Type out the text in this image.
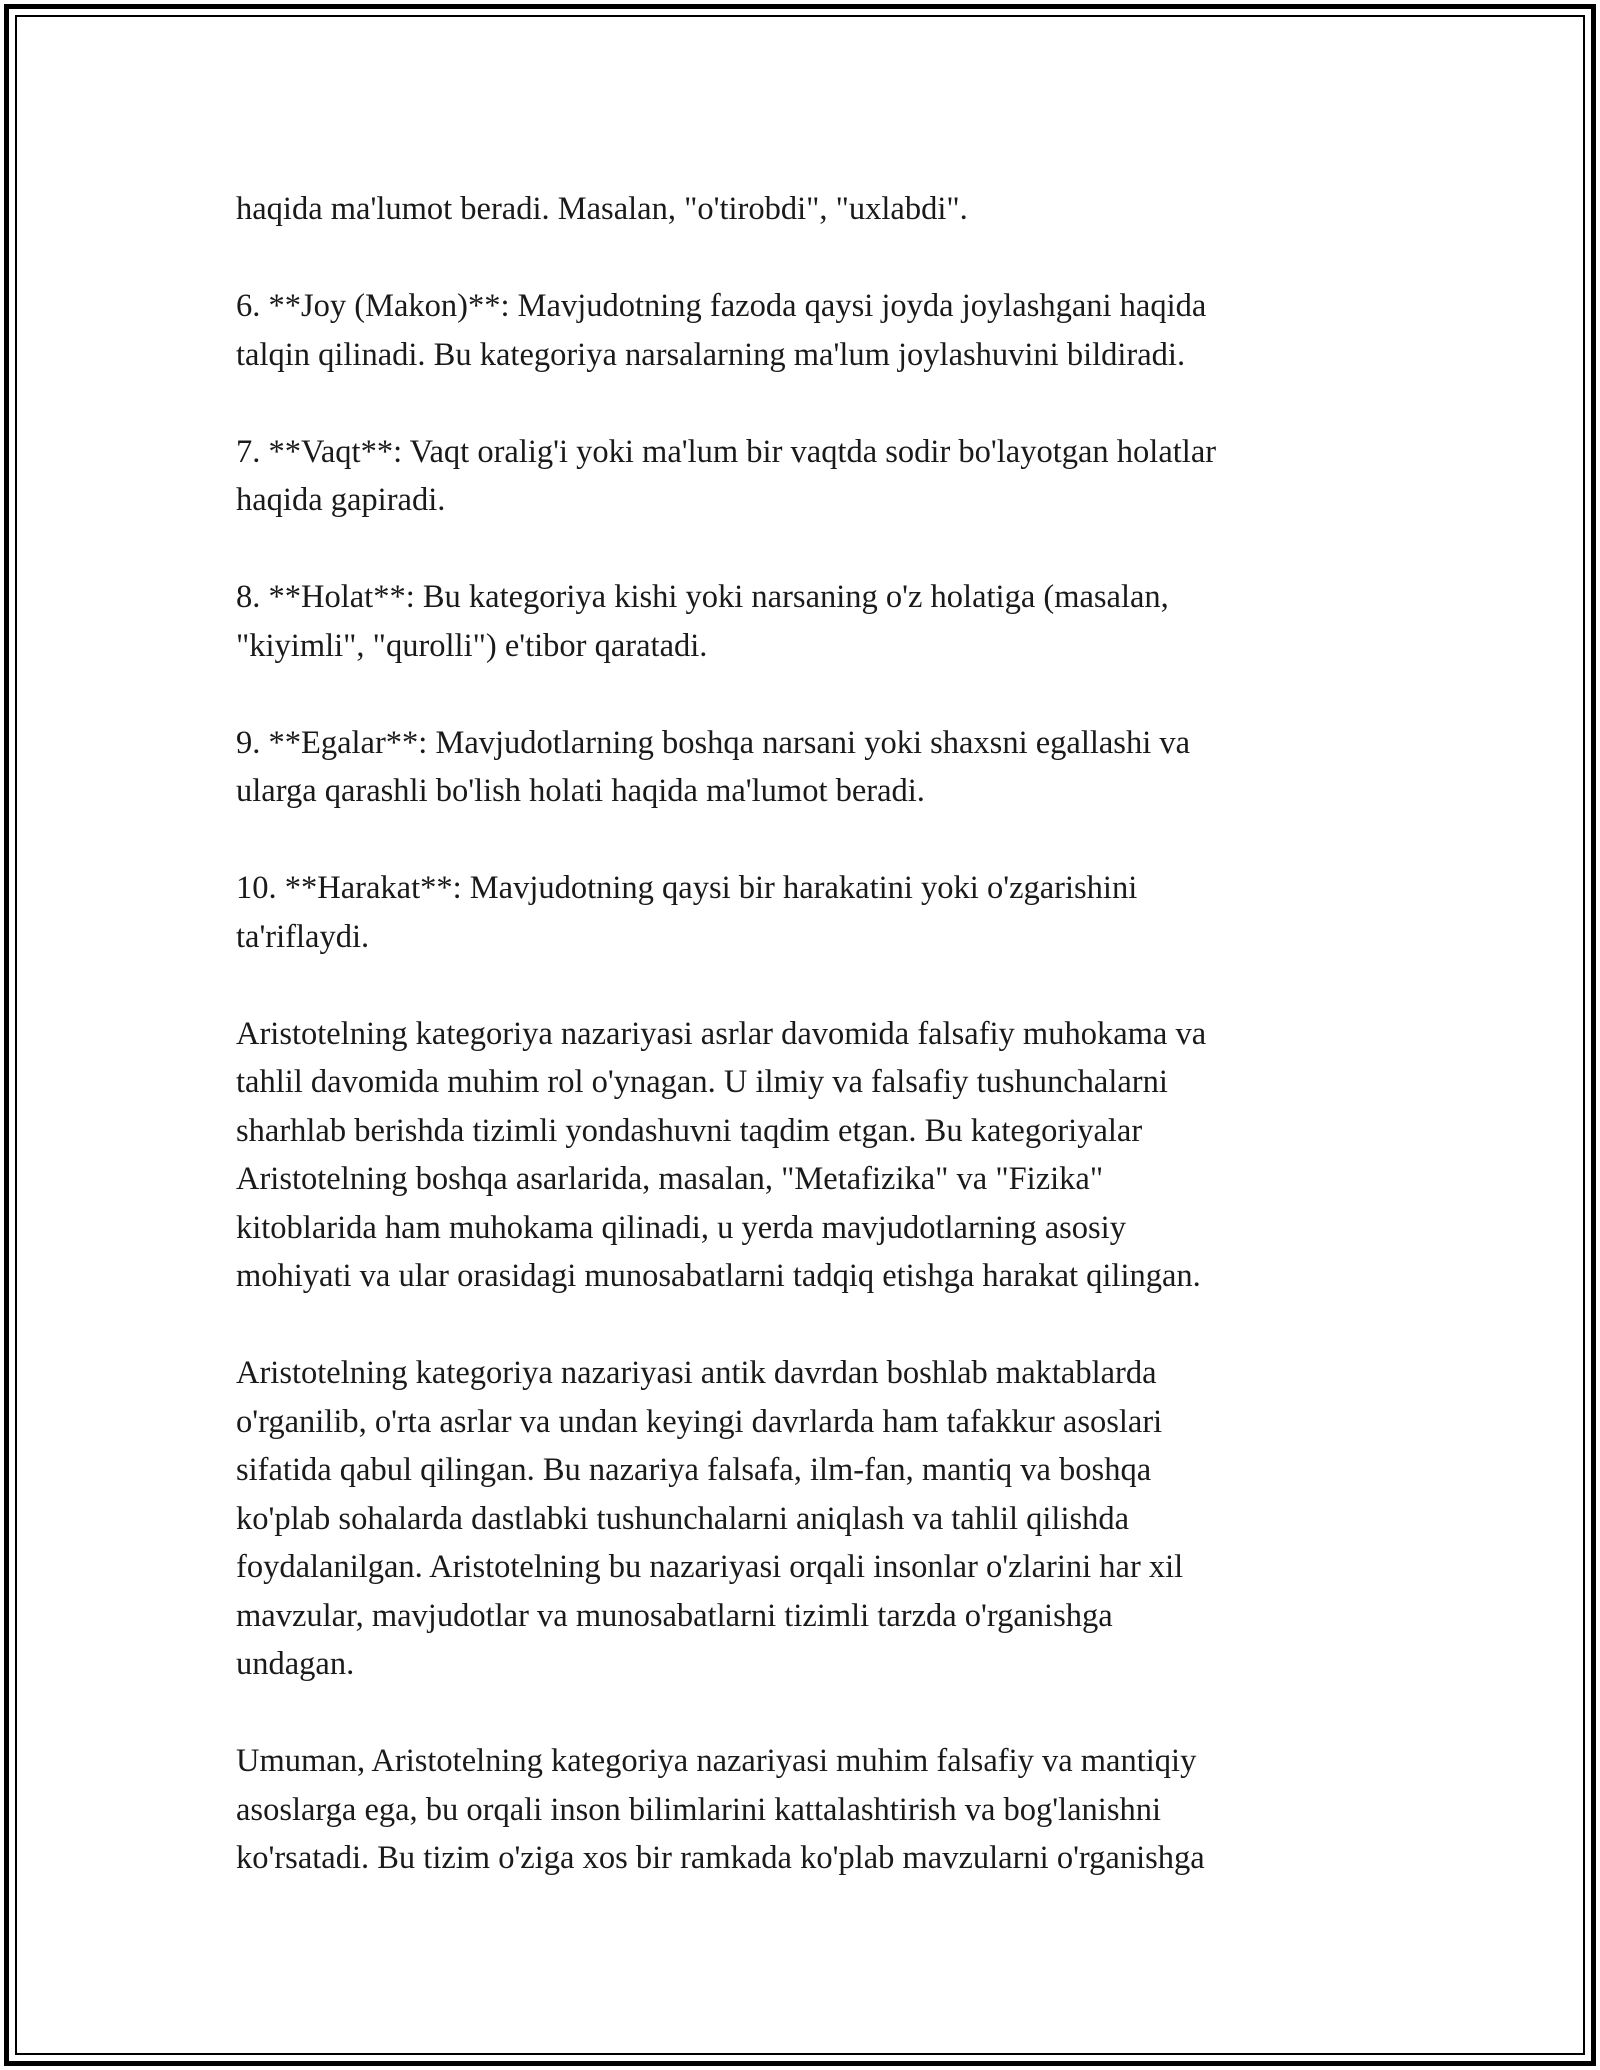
haqida ma'lumot beradi. Masalan, "o'tirobdi", "uxlabdi".

6. **Joy (Makon)**: Mavjudotning fazoda qaysi joyda joylashgani haqida
talqin qilinadi. Bu kategoriya narsalarning ma'lum joylashuvini bildiradi.

7. **Vaqt**: Vaqt oralig'i yoki ma'lum bir vaqtda sodir bo'layotgan holatlar
haqida gapiradi.

8. **Holat**: Bu kategoriya kishi yoki narsaning o'z holatiga (masalan,
"kiyimli", "qurolli") e'tibor qaratadi.

9. **Egalar**: Mavjudotlarning boshqa narsani yoki shaxsni egallashi va
ularga qarashli bo'lish holati haqida ma'lumot beradi.

10. **Harakat**: Mavjudotning qaysi bir harakatini yoki o'zgarishini
ta'riflaydi.

Aristotelning kategoriya nazariyasi asrlar davomida falsafiy muhokama va
tahlil davomida muhim rol o'ynagan. U ilmiy va falsafiy tushunchalarni
sharhlab berishda tizimli yondashuvni taqdim etgan. Bu kategoriyalar
Aristotelning boshqa asarlarida, masalan, "Metafizika" va "Fizika"
kitoblarida ham muhokama qilinadi, u yerda mavjudotlarning asosiy
mohiyati va ular orasidagi munosabatlarni tadqiq etishga harakat qilingan.

Aristotelning kategoriya nazariyasi antik davrdan boshlab maktablarda
o'rganilib, o'rta asrlar va undan keyingi davrlarda ham tafakkur asoslari
sifatida qabul qilingan. Bu nazariya falsafa, ilm-fan, mantiq va boshqa
ko'plab sohalarda dastlabki tushunchalarni aniqlash va tahlil qilishda
foydalanilgan. Aristotelning bu nazariyasi orqali insonlar o'zlarini har xil
mavzular, mavjudotlar va munosabatlarni tizimli tarzda o'rganishga
undagan.

Umuman, Aristotelning kategoriya nazariyasi muhim falsafiy va mantiqiy
asoslarga ega, bu orqali inson bilimlarini kattalashtirish va bog'lanishni
ko'rsatadi. Bu tizim o'ziga xos bir ramkada ko'plab mavzularni o'rganishga
